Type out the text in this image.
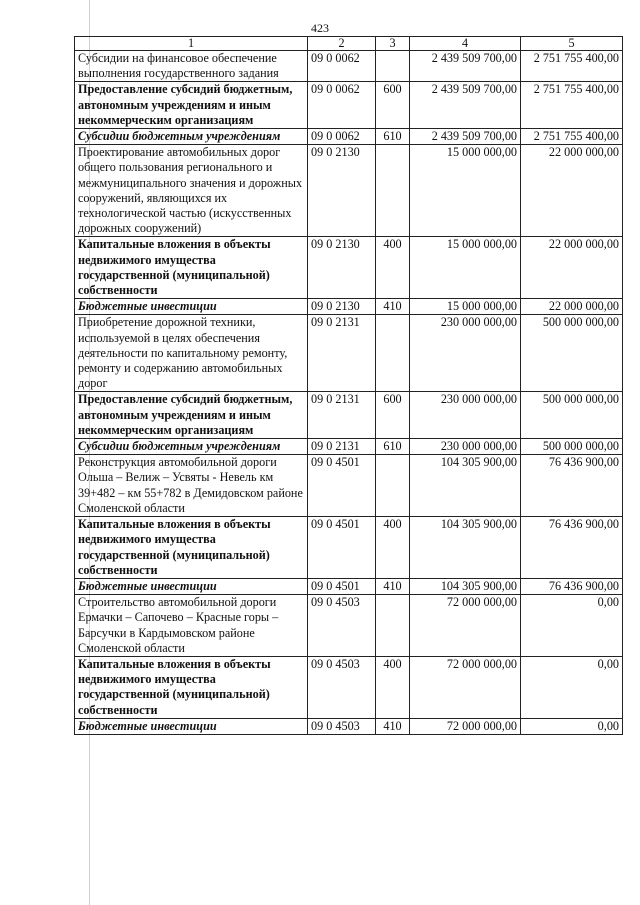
423
1	2	3	4	5
Субсидии на финансовое обеспечение выполнения государственного задания	09 0 0062		2 439 509 700,00	2 751 755 400,00
Предоставление субсидий бюджетным, автономным учреждениям и иным некоммерческим организациям	09 0 0062	600	2 439 509 700,00	2 751 755 400,00
Субсидии бюджетным учреждениям	09 0 0062	610	2 439 509 700,00	2 751 755 400,00
Проектирование автомобильных дорог общего пользования регионального и межмуниципального значения и дорожных сооружений, являющихся их технологической частью (искусственных дорожных сооружений)	09 0 2130		15 000 000,00	22 000 000,00
Капитальные вложения в объекты недвижимого имущества государственной (муниципальной) собственности	09 0 2130	400	15 000 000,00	22 000 000,00
Бюджетные инвестиции	09 0 2130	410	15 000 000,00	22 000 000,00
Приобретение дорожной техники, используемой в целях обеспечения деятельности по капитальному ремонту, ремонту и содержанию автомобильных дорог	09 0 2131		230 000 000,00	500 000 000,00
Предоставление субсидий бюджетным, автономным учреждениям и иным некоммерческим организациям	09 0 2131	600	230 000 000,00	500 000 000,00
Субсидии бюджетным учреждениям	09 0 2131	610	230 000 000,00	500 000 000,00
Реконструкция автомобильной дороги Ольша – Велиж – Усвяты - Невель км 39+482 – км 55+782 в Демидовском районе Смоленской области	09 0 4501		104 305 900,00	76 436 900,00
Капитальные вложения в объекты недвижимого имущества государственной (муниципальной) собственности	09 0 4501	400	104 305 900,00	76 436 900,00
Бюджетные инвестиции	09 0 4501	410	104 305 900,00	76 436 900,00
Строительство автомобильной дороги Ермачки – Сапочево – Красные горы – Барсучки в Кардымовском районе Смоленской области	09 0 4503		72 000 000,00	0,00
Капитальные вложения в объекты недвижимого имущества государственной (муниципальной) собственности	09 0 4503	400	72 000 000,00	0,00
Бюджетные инвестиции	09 0 4503	410	72 000 000,00	0,00
